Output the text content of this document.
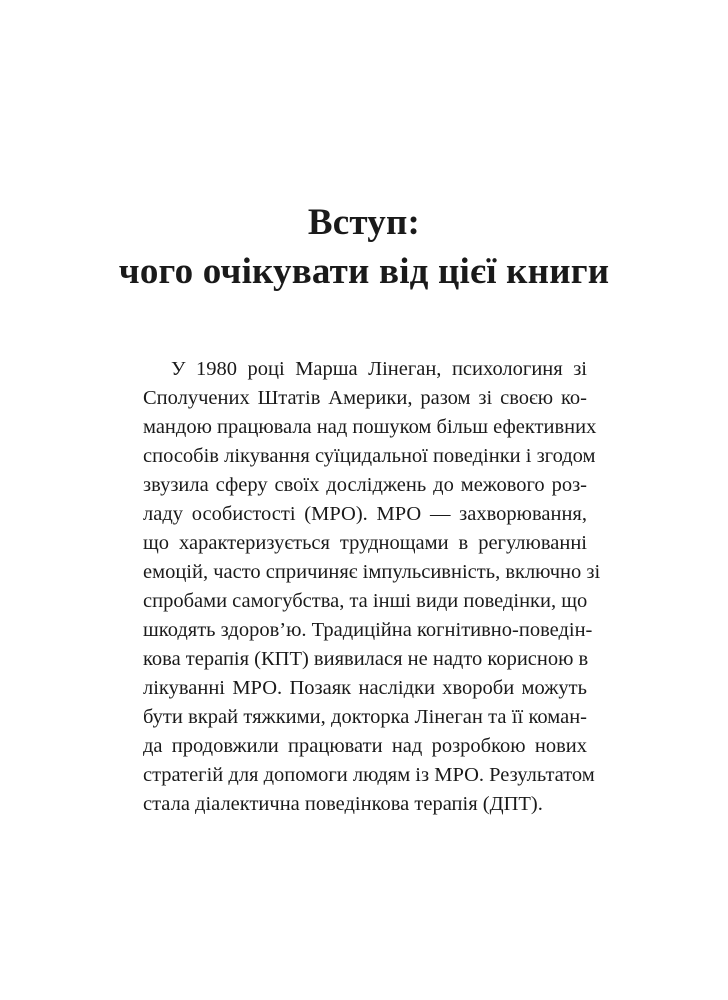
Вступ:
чого очікувати від цієї книги
У 1980 році Марша Лінеган, психологиня зі
Сполучених Штатів Америки, разом зі своєю ко-
мандою працювала над пошуком більш ефективних
способів лікування суїцидальної поведінки і згодом
звузила сферу своїх досліджень до межового роз-
ладу особистості (МРО). МРО — захворювання,
що характеризується труднощами в регулюванні
емоцій, часто спричиняє імпульсивність, включно зі
спробами самогубства, та інші види поведінки, що
шкодять здоров’ю. Традиційна когнітивно-поведін-
кова терапія (КПТ) виявилася не надто корисною в
лікуванні МРО. Позаяк наслідки хвороби можуть
бути вкрай тяжкими, докторка Лінеган та її коман-
да продовжили працювати над розробкою нових
стратегій для допомоги людям із МРО. Результатом
стала діалектична поведінкова терапія (ДПТ).
